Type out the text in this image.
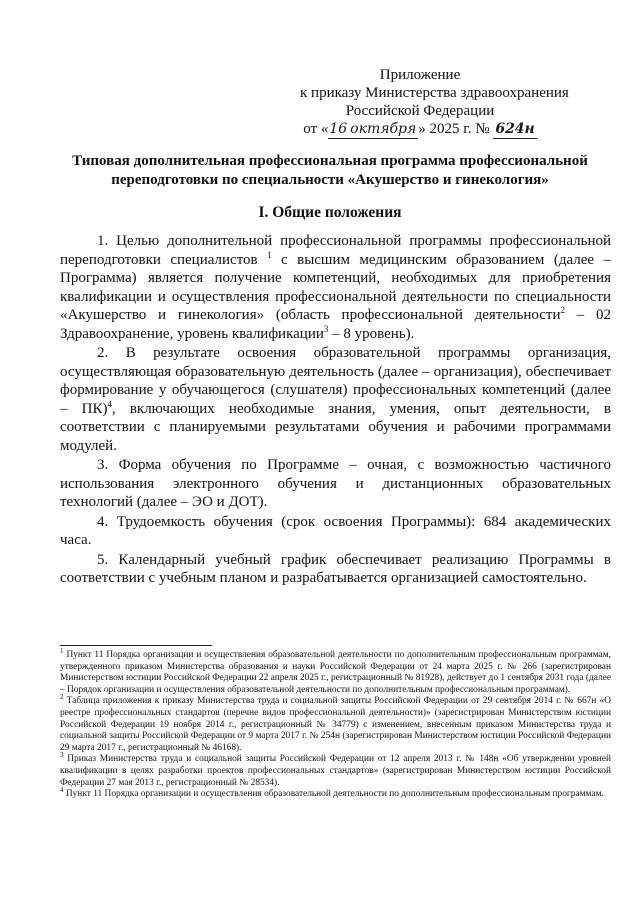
Приложение
к приказу Министерства здравоохранения
Российской Федерации
от «16 октября » 2025 г. № 624н
Типовая дополнительная профессиональная программа профессиональной переподготовки по специальности «Акушерство и гинекология»
I. Общие положения

1. Целью дополнительной профессиональной программы профессиональной переподготовки специалистов $^1$ с высшим медицинским образованием (далее – Программа) является получение компетенций, необходимых для приобретения квалификации и осуществления профессиональной деятельности по специальности «Акушерство и гинекология» (область профессиональной деятельности$^2$ – 02 Здравоохранение, уровень квалификации$^3$ – 8 уровень).

2. В результате освоения образовательной программы организация, осуществляющая образовательную деятельность (далее – организация), обеспечивает формирование у обучающегося (слушателя) профессиональных компетенций (далее – ПК)$^4$, включающих необходимые знания, умения, опыт деятельности, в соответствии с планируемыми результатами обучения и рабочими программами модулей.

3. Форма обучения по Программе – очная, с возможностью частичного использования электронного обучения и дистанционных образовательных технологий (далее – ЭО и ДОТ).

4. Трудоемкость обучения (срок освоения Программы): 684 академических часа.

5. Календарный учебный график обеспечивает реализацию Программы в соответствии с учебным планом и разрабатывается организацией самостоятельно.

$^1$ Пункт 11 Порядка организации и осуществления образовательной деятельности по дополнительным профессиональным программам, утвержденного приказом Министерства образования и науки Российской Федерации от 24 марта 2025 г. № 266 (зарегистрирован Министерством юстиции Российской Федерации 22 апреля 2025 г., регистрационный № 81928), действует до 1 сентября 2031 года (далее – Порядок организации и осуществления образовательной деятельности по дополнительным профессиональным программам).

$^2$ Таблица приложения к приказу Министерства труда и социальной защиты Российской Федерации от 29 сентября 2014 г. № 667н «О реестре профессиональных стандартов (перечне видов профессиональной деятельности)» (зарегистрирован Министерством юстиции Российской Федерации 19 ноября 2014 г., регистрационный № 34779) с изменением, внесенным приказом Министерства труда и социальной защиты Российской Федерации от 9 марта 2017 г. № 254н (зарегистрирован Министерством юстиции Российской Федерации 29 марта 2017 г., регистрационный № 46168).

$^3$ Приказ Министерства труда и социальной защиты Российской Федерации от 12 апреля 2013 г. № 148н «Об утверждении уровней квалификации в целях разработки проектов профессиональных стандартов» (зарегистрирован Министерством юстиции Российской Федерации 27 мая 2013 г., регистрационный № 28534).

$^4$ Пункт 11 Порядка организации и осуществления образовательной деятельности по дополнительным профессиональным программам.
